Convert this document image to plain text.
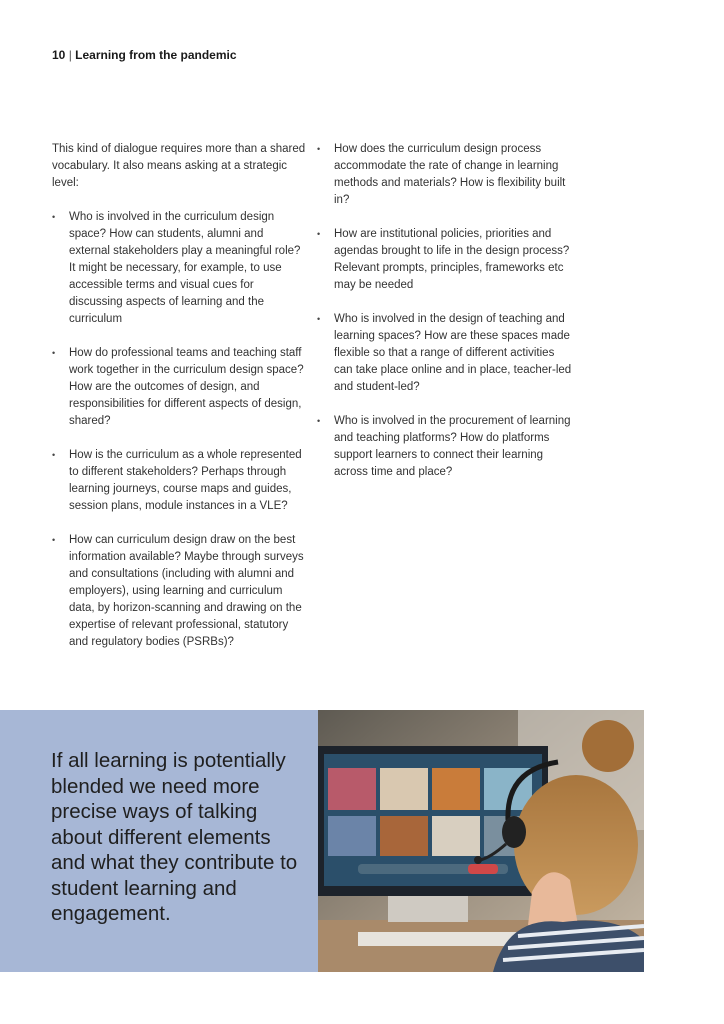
10 | Learning from the pandemic

This kind of dialogue requires more than a shared vocabulary. It also means asking at a strategic level:

• Who is involved in the curriculum design space? How can students, alumni and external stakeholders play a meaningful role? It might be necessary, for example, to use accessible terms and visual cues for discussing aspects of learning and the curriculum
• How do professional teams and teaching staff work together in the curriculum design space? How are the outcomes of design, and responsibilities for different aspects of design, shared?
• How is the curriculum as a whole represented to different stakeholders? Perhaps through learning journeys, course maps and guides, session plans, module instances in a VLE?
• How can curriculum design draw on the best information available? Maybe through surveys and consultations (including with alumni and employers), using learning and curriculum data, by horizon-scanning and drawing on the expertise of relevant professional, statutory and regulatory bodies (PSRBs)?
• How does the curriculum design process accommodate the rate of change in learning methods and materials? How is flexibility built in?
• How are institutional policies, priorities and agendas brought to life in the design process? Relevant prompts, principles, frameworks etc may be needed
• Who is involved in the design of teaching and learning spaces? How are these spaces made flexible so that a range of different activities can take place online and in place, teacher-led and student-led?
• Who is involved in the procurement of learning and teaching platforms? How do platforms support learners to connect their learning across time and place?
If all learning is potentially blended we need more precise ways of talking about different elements and what they contribute to student learning and engagement.
